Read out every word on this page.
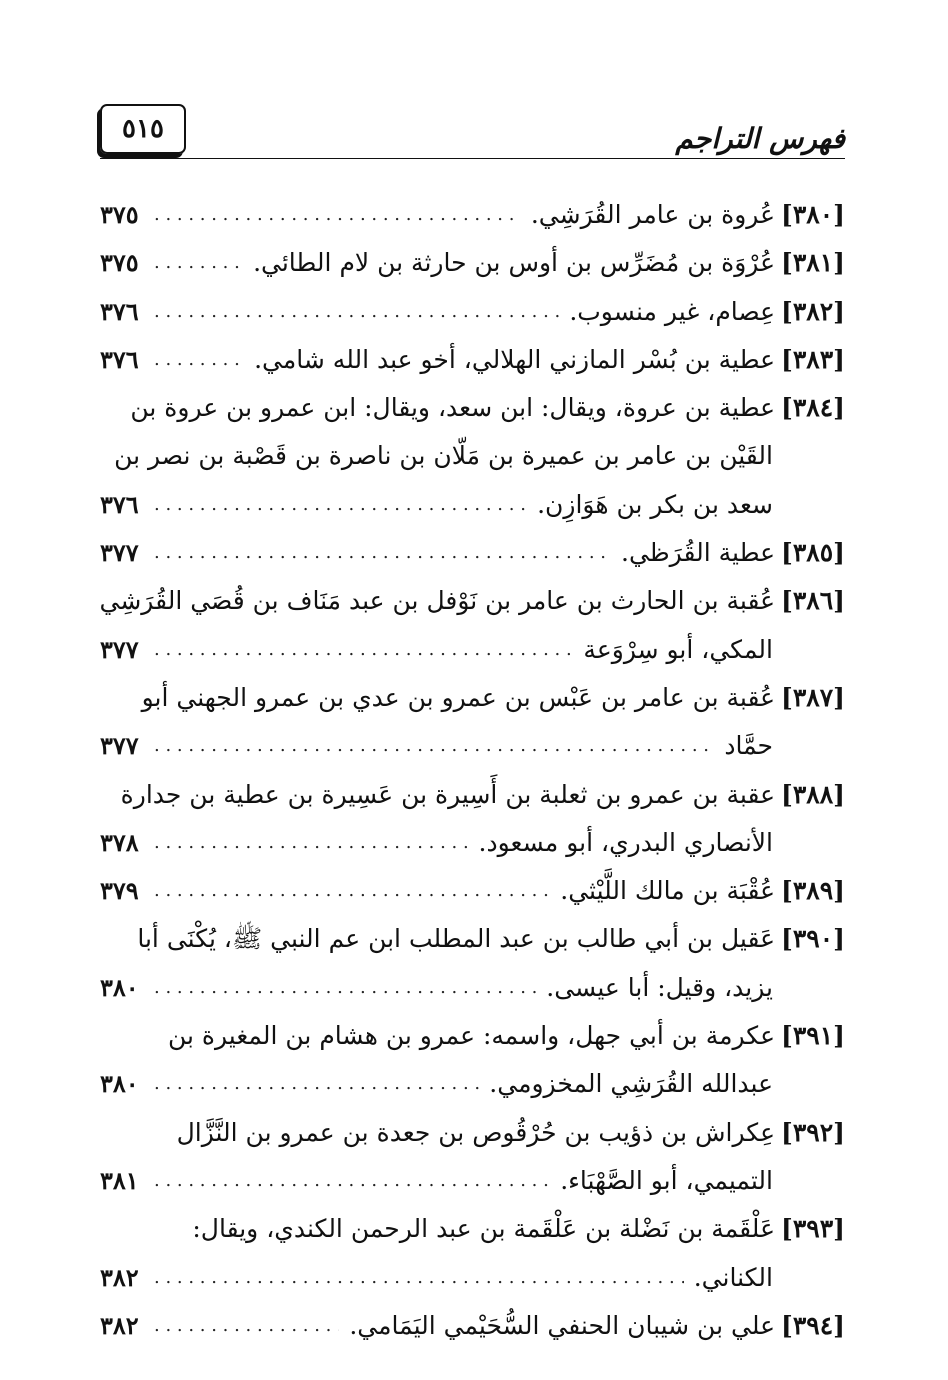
٥١٥	فهرس التراجم
[٣٨٠]
عُروة بن عامر القُرَشِي.
. . .
٣٧٥
[٣٨١]
عُرْوَة بن مُضَرِّس بن أوس بن حارثة بن لام الطائي.
. . .
٣٧٥
[٣٨٢]
عِصام، غير منسوب.
. . .
٣٧٦
[٣٨٣]
عطية بن بُسْر المازني الهلالي، أخو عبد الله شامي.
. . .
٣٧٦
[٣٨٤]
عطية بن عروة، ويقال: ابن سعد، ويقال: ابن عمرو بن عروة بن
القَيْن بن عامر بن عميرة بن مَلّان بن ناصرة بن قَصْبة بن نصر بن
سعد بن بكر بن هَوَازِن.
. . .
٣٧٦
[٣٨٥]
عطية القُرَظي.
. . .
٣٧٧
[٣٨٦]
عُقبة بن الحارث بن عامر بن نَوْفل بن عبد مَنَاف بن قُصَي القُرَشِي
المكي، أبو سِرْوَعة
. . .
٣٧٧
[٣٨٧]
عُقبة بن عامر بن عَبْس بن عمرو بن عدي بن عمرو الجهني أبو
حمَّاد
. . .
٣٧٧
[٣٨٨]
عقبة بن عمرو بن ثعلبة بن أَسِيرة بن عَسِيرة بن عطية بن جدارة
الأنصاري البدري، أبو مسعود.
. . .
٣٧٨
[٣٨٩]
عُقْبَة بن مالك اللَّيْثي.
. . .
٣٧٩
[٣٩٠]
عَقيل بن أبي طالب بن عبد المطلب ابن عم النبي ﷺ، يُكْنَى أبا
يزيد، وقيل: أبا عيسى.
. . .
٣٨٠
[٣٩١]
عكرمة بن أبي جهل، واسمه: عمرو بن هشام بن المغيرة بن
عبدالله القُرَشِي المخزومي.
. . .
٣٨٠
[٣٩٢]
عِكراش بن ذؤيب بن حُرْقُوص بن جعدة بن عمرو بن النَّزَّال
التميمي، أبو الصَّهْبَاء.
. . .
٣٨١
[٣٩٣]
عَلْقَمة بن نَضْلة بن عَلْقَمة بن عبد الرحمن الكندي، ويقال:
الكناني.
. . .
٣٨٢
[٣٩٤]
علي بن شيبان الحنفي السُّحَيْمي اليَمَامي.
. . .
٣٨٢
